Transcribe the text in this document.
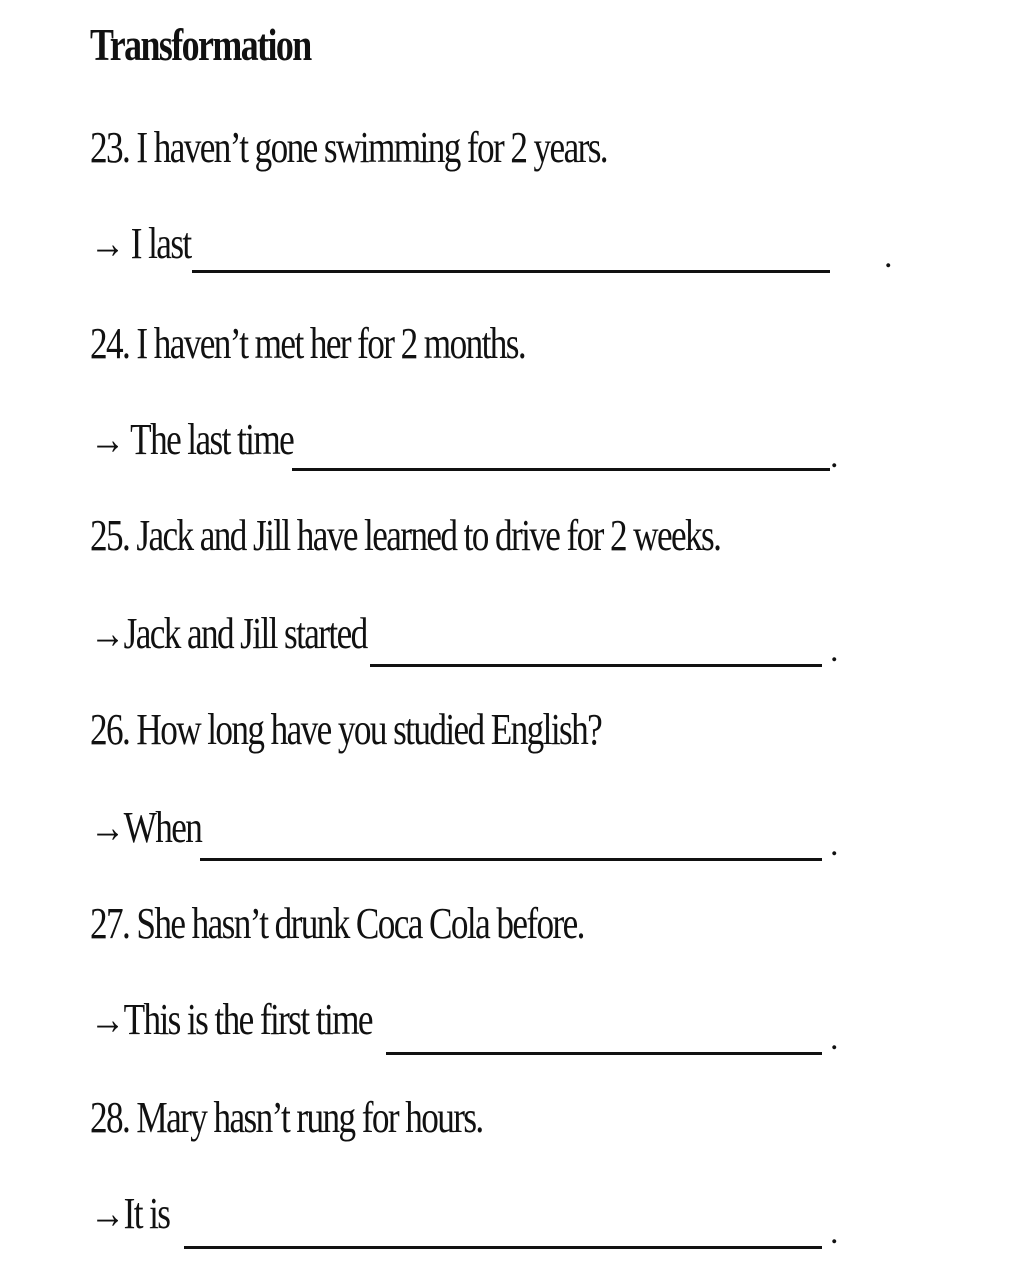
Transformation
23. I haven’t gone swimming for 2 years.
→ I last	.
24. I haven’t met her for 2 months.
→ The last time	.
25. Jack and Jill have learned to drive for 2 weeks.
→Jack and Jill started	.
26. How long have you studied English?
→When	.
27. She hasn’t drunk Coca Cola before.
→This is the first time	.
28. Mary hasn’t rung for hours.
→It is	.
